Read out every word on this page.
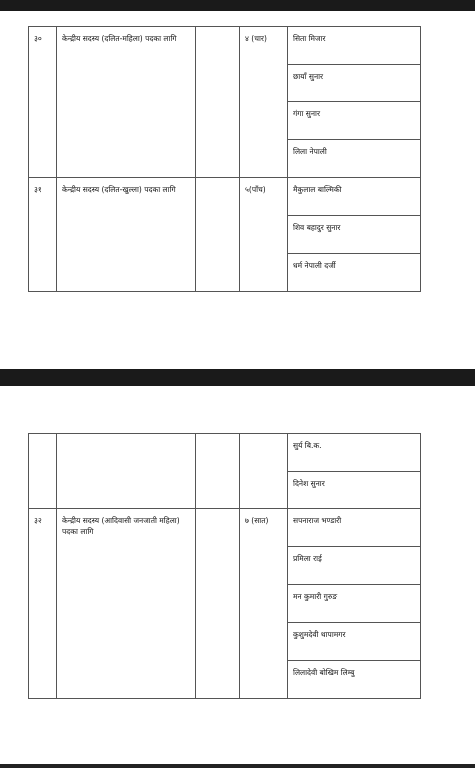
३०	केन्द्रीय सदस्य (दलित-महिला) पदका लागि		४ (चार)	सिता मिजार
				छायाँ सुनार
				गंगा सुनार
				लिला नेपाली
३१	केन्द्रीय सदस्य (दलित-खुल्ला) पदका लागि		५(पाँच)	मैकुलाल बाल्मिकी
				शिव बहादुर सुनार
				धर्म नेपाली दर्जी
				सुर्य बि.क.
				दिनेश सुनार
३२	केन्द्रीय सदस्य (आदिवासी जनजाती महिला) पदका लागि		७ (सात)	सपनाराज भण्डारी
				प्रमिला राई
				मन कुमारी गुरुङ
				कुशुमदेवी थापामगर
				लिलादेवी बोखिम लिम्बु
